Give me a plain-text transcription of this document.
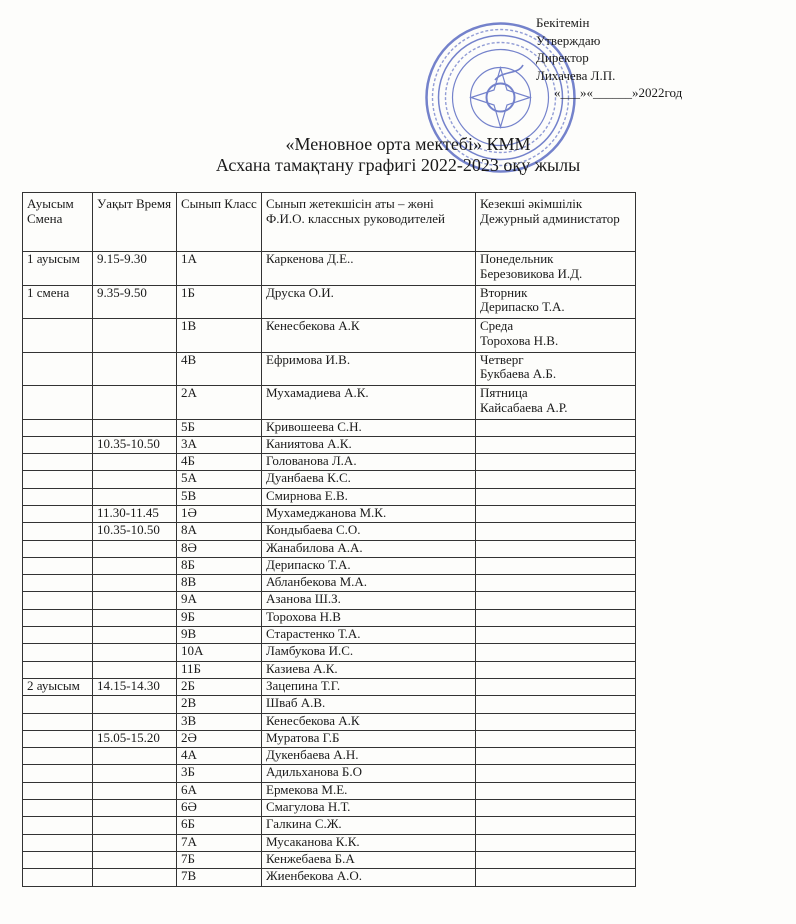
Бекітемін
Утверждаю
Директор
Лихачева Л.П.
«___»«______»2022год
«Меновное орта мектебі» КММ
Асхана тамақтану графигі 2022-2023 оқу жылы
Ауысым Смена	Уақыт Время	Сынып Класс	Сынып жетекшісін аты – жөні Ф.И.О. классных руководителей	Кезекші әкімшілік Дежурный администатор
1 ауысым	9.15-9.30	1А	Каркенова Д.Е..	Понедельник
Березовикова И.Д.

1 смена	9.35-9.50	1Б	Друска О.И.	Вторник
Дерипаско Т.А.

		1В	Кенесбекова А.К	Среда
Торохова Н.В.

		4В	Ефримова И.В.	Четверг
Букбаева А.Б.

		2А	Мухамадиева А.К.	Пятница
Кайсабаева А.Р.

		5Б	Кривошеева С.Н.	

	10.35-10.50	3А	Каниятова А.К.	

		4Б	Голованова Л.А.	

		5А	Дуанбаева К.С.	

		5В	Смирнова Е.В.	

	11.30-11.45	1Ә	Мухамеджанова М.К.	

	10.35-10.50	8А	Кондыбаева С.О.	

		8Ә	Жанабилова А.А.	

		8Б	Дерипаско Т.А.	

		8В	Абланбекова М.А.	

		9А	Азанова Ш.З.	

		9Б	Торохова Н.В	

		9В	Старастенко Т.А.	

		10А	Ламбукова И.С.	

		11Б	Казиева А.К.	

2 ауысым	14.15-14.30	2Б	Зацепина Т.Г.	

		2В	Шваб А.В.	

		3В	Кенесбекова А.К	

	15.05-15.20	2Ә	Муратова Г.Б	

		4А	Дукенбаева А.Н.	

		3Б	Адильханова Б.О	

		6А	Ермекова М.Е.	

		6Ә	Смагулова Н.Т.	

		6Б	Галкина С.Ж.	

		7А	Мусаканова К.К.	

		7Б	Кенжебаева Б.А	

		7В	Жиенбекова А.О.	
